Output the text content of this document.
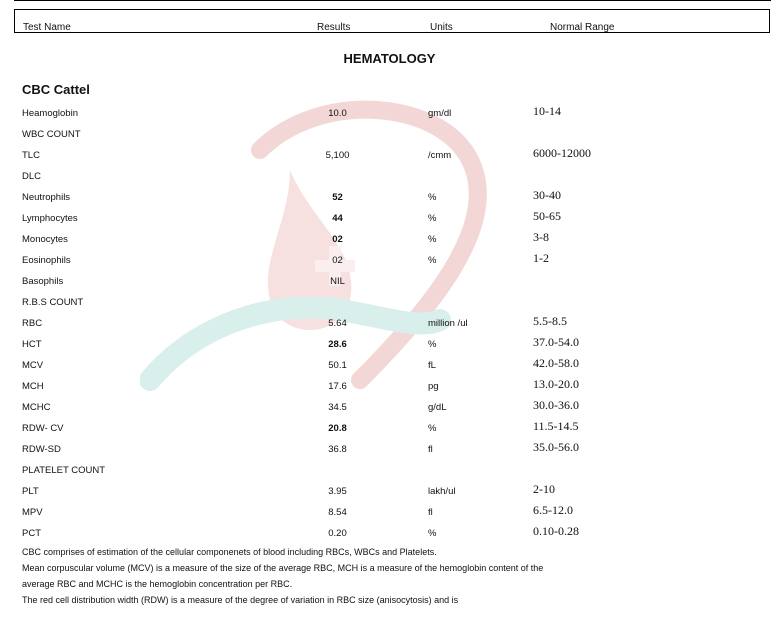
Test Name	Results	Units	Normal Range
HEMATOLOGY
CBC Cattel
Heamoglobin	10.0	gm/dl	10-14
WBC COUNT
TLC	5,100	/cmm	6000-12000
DLC
Neutrophils	52	%	30-40
Lymphocytes	44	%	50-65
Monocytes	02	%	3-8
Eosinophils	02	%	1-2
Basophils	NIL
R.B.S COUNT
RBC	5.64	million /ul	5.5-8.5
HCT	28.6	%	37.0-54.0
MCV	50.1	fL	42.0-58.0
MCH	17.6	pg	13.0-20.0
MCHC	34.5	g/dL	30.0-36.0
RDW- CV	20.8	%	11.5-14.5
RDW-SD	36.8	fl	35.0-56.0
PLATELET COUNT
PLT	3.95	lakh/ul	2-10
MPV	8.54	fl	6.5-12.0
PCT	0.20	%	0.10-0.28

CBC comprises of estimation of the cellular componenets of blood including RBCs, WBCs and Platelets.

Mean corpuscular volume (MCV) is a measure of the size of the average RBC, MCH is a measure of the hemoglobin content of the

average RBC and MCHC is the hemoglobin concentration per RBC.

The red cell distribution width (RDW) is a measure of the degree of variation in RBC size (anisocytosis) and is
